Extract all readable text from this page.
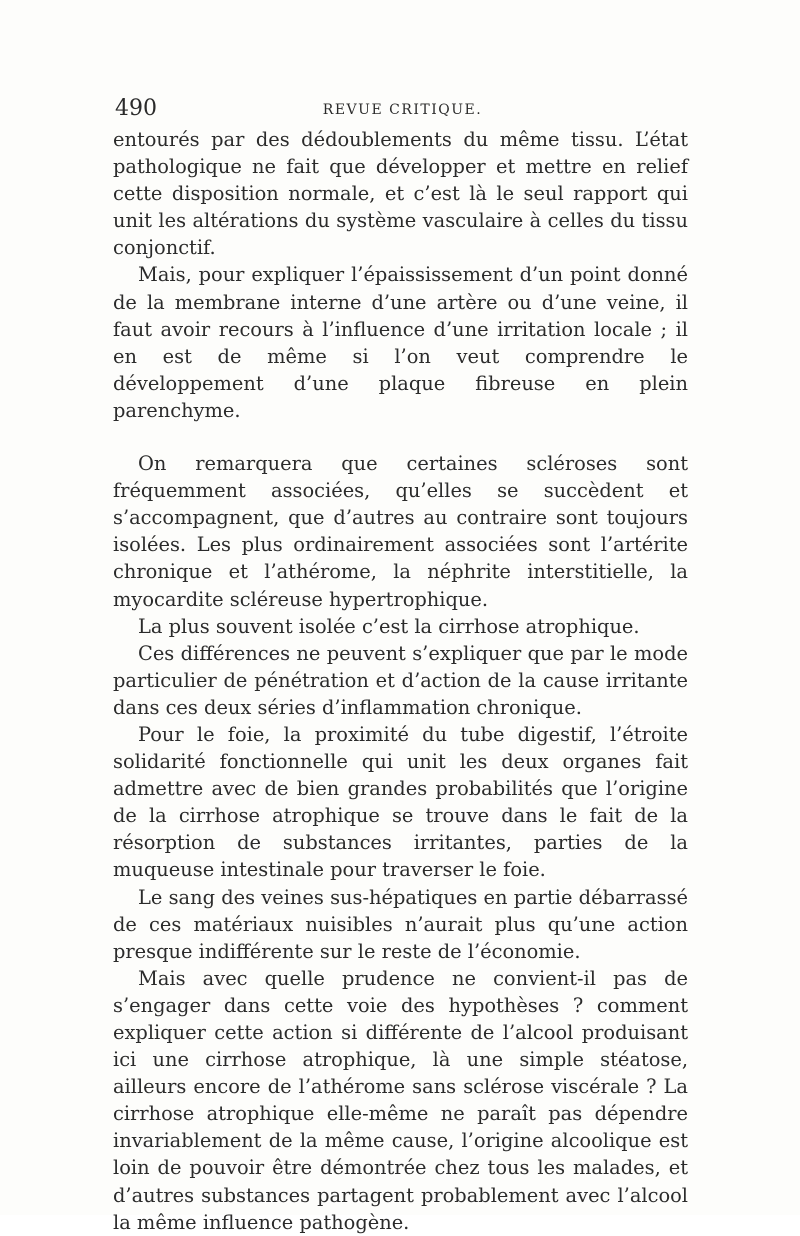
490	REVUE CRITIQUE.

entourés par des dédoublements du même tissu. L’état pathologique ne fait que développer et mettre en relief cette disposition normale, et c’est là le seul rapport qui unit les altérations du système vasculaire à celles du tissu conjonctif.

Mais, pour expliquer l’épaississement d’un point donné de la membrane interne d’une artère ou d’une veine, il faut avoir recours à l’influence d’une irritation locale ; il en est de même si l’on veut comprendre le développement d’une plaque fibreuse en plein parenchyme.

On remarquera que certaines scléroses sont fréquemment associées, qu’elles se succèdent et s’accompagnent, que d’autres au contraire sont toujours isolées. Les plus ordinairement associées sont l’artérite chronique et l’athérome, la néphrite interstitielle, la myocardite scléreuse hypertrophique.

La plus souvent isolée c’est la cirrhose atrophique.

Ces différences ne peuvent s’expliquer que par le mode particulier de pénétration et d’action de la cause irritante dans ces deux séries d’inflammation chronique.

Pour le foie, la proximité du tube digestif, l’étroite solidarité fonctionnelle qui unit les deux organes fait admettre avec de bien grandes probabilités que l’origine de la cirrhose atrophique se trouve dans le fait de la résorption de substances irritantes, parties de la muqueuse intestinale pour traverser le foie.

Le sang des veines sus-hépatiques en partie débarrassé de ces matériaux nuisibles n’aurait plus qu’une action presque indifférente sur le reste de l’économie.

Mais avec quelle prudence ne convient-il pas de s’engager dans cette voie des hypothèses ? comment expliquer cette action si différente de l’alcool produisant ici une cirrhose atrophique, là une simple stéatose, ailleurs encore de l’athérome sans sclérose viscérale ? La cirrhose atrophique elle-même ne paraît pas dépendre invariablement de la même cause, l’origine alcoolique est loin de pouvoir être démontrée chez tous les malades, et d’autres substances partagent probablement avec l’alcool la même influence pathogène.
